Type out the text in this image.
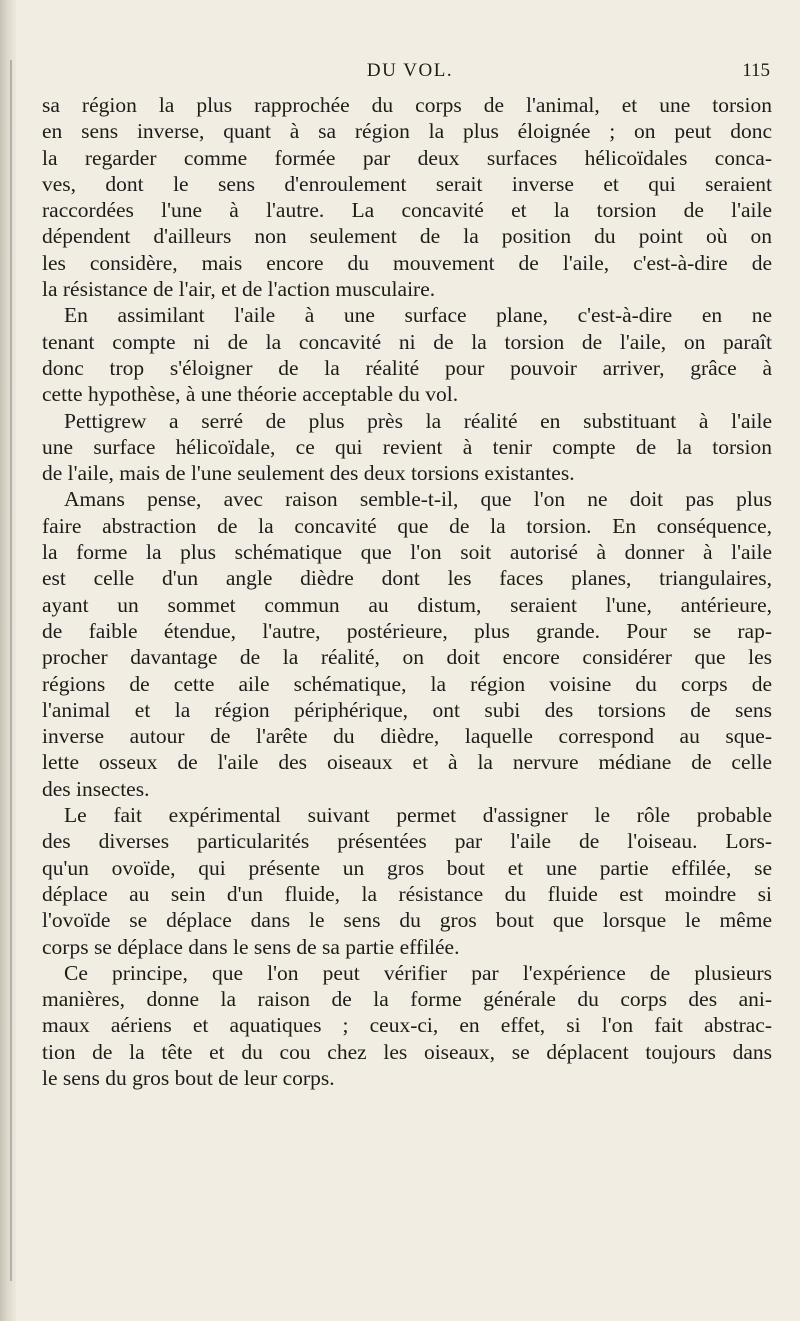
DU VOL.	115
sa région la plus rapprochée du corps de l'animal, et une torsion
en sens inverse, quant à sa région la plus éloignée ; on peut donc
la regarder comme formée par deux surfaces hélicoïdales conca-
ves, dont le sens d'enroulement serait inverse et qui seraient
raccordées l'une à l'autre. La concavité et la torsion de l'aile
dépendent d'ailleurs non seulement de la position du point où on
les considère, mais encore du mouvement de l'aile, c'est-à-dire de
la résistance de l'air, et de l'action musculaire.
En assimilant l'aile à une surface plane, c'est-à-dire en ne
tenant compte ni de la concavité ni de la torsion de l'aile, on paraît
donc trop s'éloigner de la réalité pour pouvoir arriver, grâce à
cette hypothèse, à une théorie acceptable du vol.
Pettigrew a serré de plus près la réalité en substituant à l'aile
une surface hélicoïdale, ce qui revient à tenir compte de la torsion
de l'aile, mais de l'une seulement des deux torsions existantes.
Amans pense, avec raison semble-t-il, que l'on ne doit pas plus
faire abstraction de la concavité que de la torsion. En conséquence,
la forme la plus schématique que l'on soit autorisé à donner à l'aile
est celle d'un angle dièdre dont les faces planes, triangulaires,
ayant un sommet commun au distum, seraient l'une, antérieure,
de faible étendue, l'autre, postérieure, plus grande. Pour se rap-
procher davantage de la réalité, on doit encore considérer que les
régions de cette aile schématique, la région voisine du corps de
l'animal et la région périphérique, ont subi des torsions de sens
inverse autour de l'arête du dièdre, laquelle correspond au sque-
lette osseux de l'aile des oiseaux et à la nervure médiane de celle
des insectes.
Le fait expérimental suivant permet d'assigner le rôle probable
des diverses particularités présentées par l'aile de l'oiseau. Lors-
qu'un ovoïde, qui présente un gros bout et une partie effilée, se
déplace au sein d'un fluide, la résistance du fluide est moindre si
l'ovoïde se déplace dans le sens du gros bout que lorsque le même
corps se déplace dans le sens de sa partie effilée.
Ce principe, que l'on peut vérifier par l'expérience de plusieurs
manières, donne la raison de la forme générale du corps des ani-
maux aériens et aquatiques ; ceux-ci, en effet, si l'on fait abstrac-
tion de la tête et du cou chez les oiseaux, se déplacent toujours dans
le sens du gros bout de leur corps.
